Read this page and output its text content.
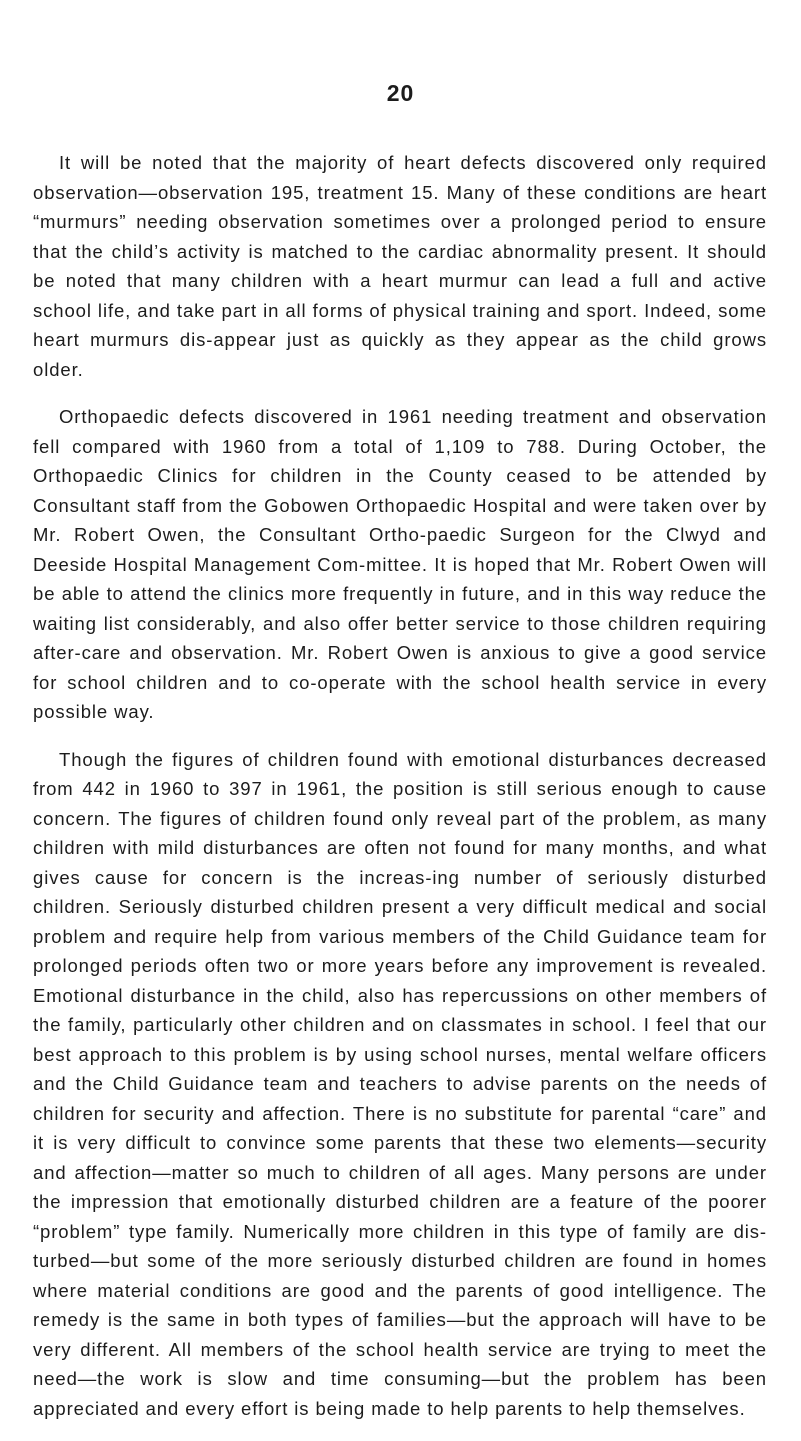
20

It will be noted that the majority of heart defects discovered only required observation—observation 195, treatment 15. Many of these conditions are heart “murmurs” needing observation sometimes over a prolonged period to ensure that the child’s activity is matched to the cardiac abnormality present. It should be noted that many children with a heart murmur can lead a full and active school life, and take part in all forms of physical training and sport. Indeed, some heart murmurs dis-appear just as quickly as they appear as the child grows older.

Orthopaedic defects discovered in 1961 needing treatment and observation fell compared with 1960 from a total of 1,109 to 788. During October, the Orthopaedic Clinics for children in the County ceased to be attended by Consultant staff from the Gobowen Orthopaedic Hospital and were taken over by Mr. Robert Owen, the Consultant Ortho-paedic Surgeon for the Clwyd and Deeside Hospital Management Com-mittee. It is hoped that Mr. Robert Owen will be able to attend the clinics more frequently in future, and in this way reduce the waiting list considerably, and also offer better service to those children requiring after-care and observation. Mr. Robert Owen is anxious to give a good service for school children and to co-operate with the school health service in every possible way.

Though the figures of children found with emotional disturbances decreased from 442 in 1960 to 397 in 1961, the position is still serious enough to cause concern. The figures of children found only reveal part of the problem, as many children with mild disturbances are often not found for many months, and what gives cause for concern is the increas-ing number of seriously disturbed children. Seriously disturbed children present a very difficult medical and social problem and require help from various members of the Child Guidance team for prolonged periods often two or more years before any improvement is revealed. Emotional disturbance in the child, also has repercussions on other members of the family, particularly other children and on classmates in school. I feel that our best approach to this problem is by using school nurses, mental welfare officers and the Child Guidance team and teachers to advise parents on the needs of children for security and affection. There is no substitute for parental “care” and it is very difficult to convince some parents that these two elements—security and affection—matter so much to children of all ages. Many persons are under the impression that emotionally disturbed children are a feature of the poorer “problem” type family. Numerically more children in this type of family are dis-turbed—but some of the more seriously disturbed children are found in homes where material conditions are good and the parents of good intelligence. The remedy is the same in both types of families—but the approach will have to be very different. All members of the school health service are trying to meet the need—the work is slow and time consuming—but the problem has been appreciated and every effort is being made to help parents to help themselves.
